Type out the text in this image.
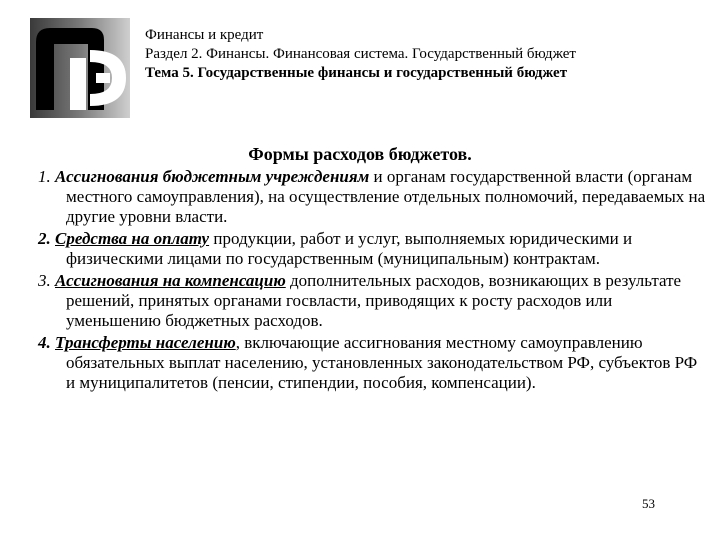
Финансы и кредит
Раздел 2. Финансы. Финансовая система. Государственный бюджет
Тема 5. Государственные финансы и государственный бюджет
Формы расходов бюджетов.
1. Ассигнования бюджетным учреждениям и органам государственной власти (органам местного самоуправления), на осуществление отдельных полномочий, передаваемых на другие уровни власти.
2. Средства на оплату продукции, работ и услуг, выполняемых юридическими и физическими лицами по государственным (муниципальным) контрактам.
3. Ассигнования на компенсацию дополнительных расходов, возникающих в результате решений, принятых органами госвласти, приводящих к росту расходов или уменьшению бюджетных расходов.
4. Трансферты населению, включающие ассигнования местному самоуправлению обязательных выплат населению, установленных законодательством РФ, субъектов РФ и муниципалитетов (пенсии, стипендии, пособия, компенсации).
53
